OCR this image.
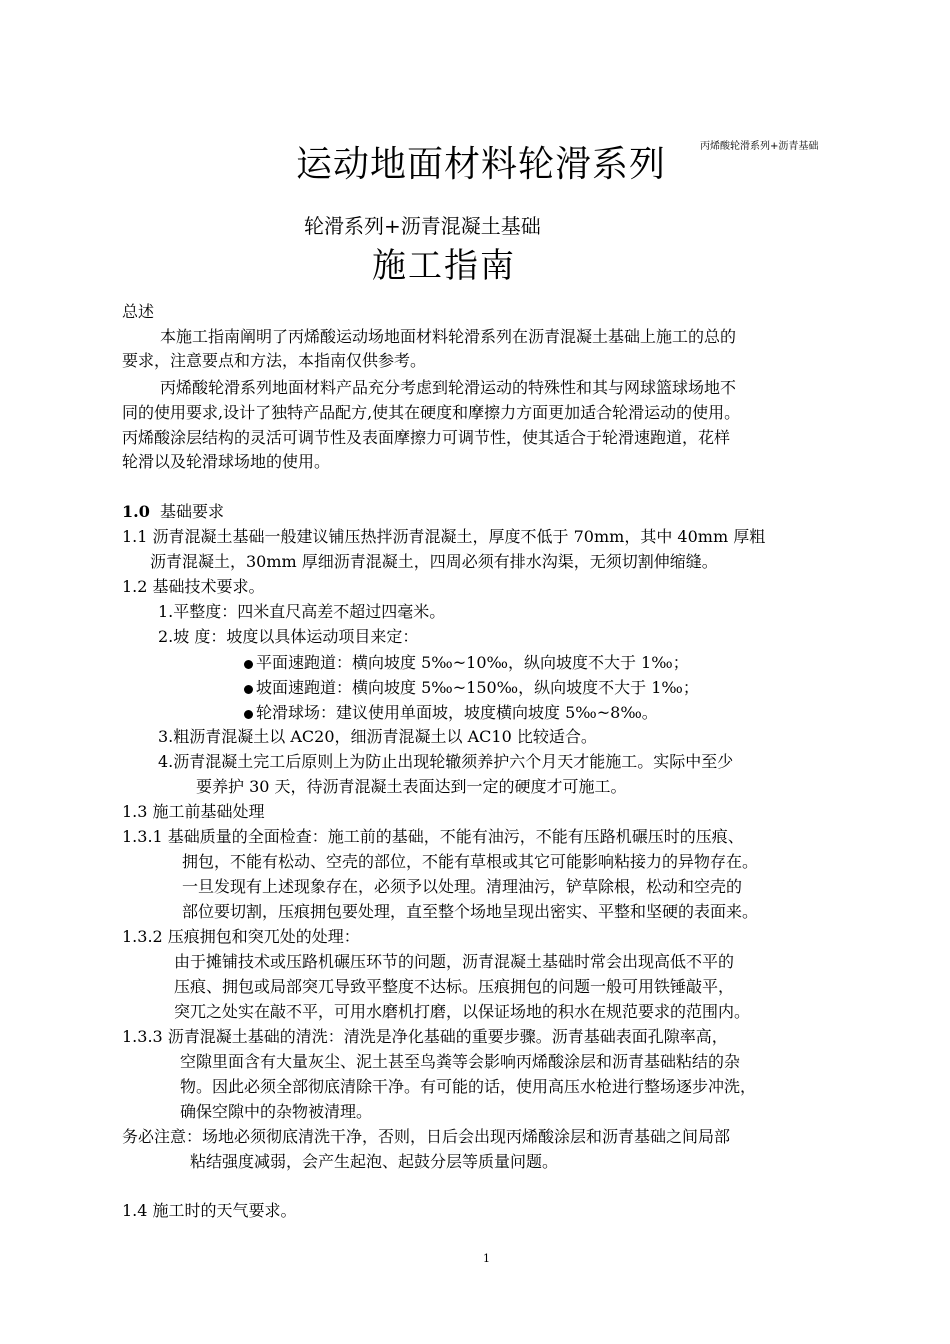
丙烯酸轮滑系列+沥青基础
运动地面材料轮滑系列
轮滑系列+沥青混凝土基础
施工指南
总述
本施工指南阐明了丙烯酸运动场地面材料轮滑系列在沥青混凝土基础上施工的总的
要求，注意要点和方法，本指南仅供参考。
丙烯酸轮滑系列地面材料产品充分考虑到轮滑运动的特殊性和其与网球篮球场地不
同的使用要求,设计了独特产品配方,使其在硬度和摩擦力方面更加适合轮滑运动的使用。
丙烯酸涂层结构的灵活可调节性及表面摩擦力可调节性，使其适合于轮滑速跑道，花样
轮滑以及轮滑球场地的使用。
1.0 基础要求
1.1 沥青混凝土基础一般建议铺压热拌沥青混凝土，厚度不低于 70mm，其中 40mm 厚粗
沥青混凝土，30mm 厚细沥青混凝土，四周必须有排水沟渠，无须切割伸缩缝。
1.2 基础技术要求。
1.平整度：四米直尺高差不超过四毫米。
2.坡 度：坡度以具体运动项目来定：
平面速跑道：横向坡度 5‰~10‰，纵向坡度不大于 1‰；
坡面速跑道：横向坡度 5‰~150‰，纵向坡度不大于 1‰；
轮滑球场：建议使用单面坡，坡度横向坡度 5‰~8‰。
3.粗沥青混凝土以 AC20，细沥青混凝土以 AC10 比较适合。
4.沥青混凝土完工后原则上为防止出现轮辙须养护六个月天才能施工。实际中至少
要养护 30 天，待沥青混凝土表面达到一定的硬度才可施工。
1.3 施工前基础处理
1.3.1 基础质量的全面检查：施工前的基础，不能有油污，不能有压路机碾压时的压痕、
拥包，不能有松动、空壳的部位，不能有草根或其它可能影响粘接力的异物存在。
一旦发现有上述现象存在，必须予以处理。清理油污，铲草除根，松动和空壳的
部位要切割，压痕拥包要处理，直至整个场地呈现出密实、平整和坚硬的表面来。
1.3.2 压痕拥包和突兀处的处理：
由于摊铺技术或压路机碾压环节的问题，沥青混凝土基础时常会出现高低不平的
压痕、拥包或局部突兀导致平整度不达标。压痕拥包的问题一般可用铁锤敲平，
突兀之处实在敲不平，可用水磨机打磨，以保证场地的积水在规范要求的范围内。
1.3.3 沥青混凝土基础的清洗：清洗是净化基础的重要步骤。沥青基础表面孔隙率高，
空隙里面含有大量灰尘、泥土甚至鸟粪等会影响丙烯酸涂层和沥青基础粘结的杂
物。因此必须全部彻底清除干净。有可能的话，使用高压水枪进行整场逐步冲洗，
确保空隙中的杂物被清理。
务必注意：场地必须彻底清洗干净，否则，日后会出现丙烯酸涂层和沥青基础之间局部
粘结强度减弱，会产生起泡、起鼓分层等质量问题。
1.4 施工时的天气要求。
1
